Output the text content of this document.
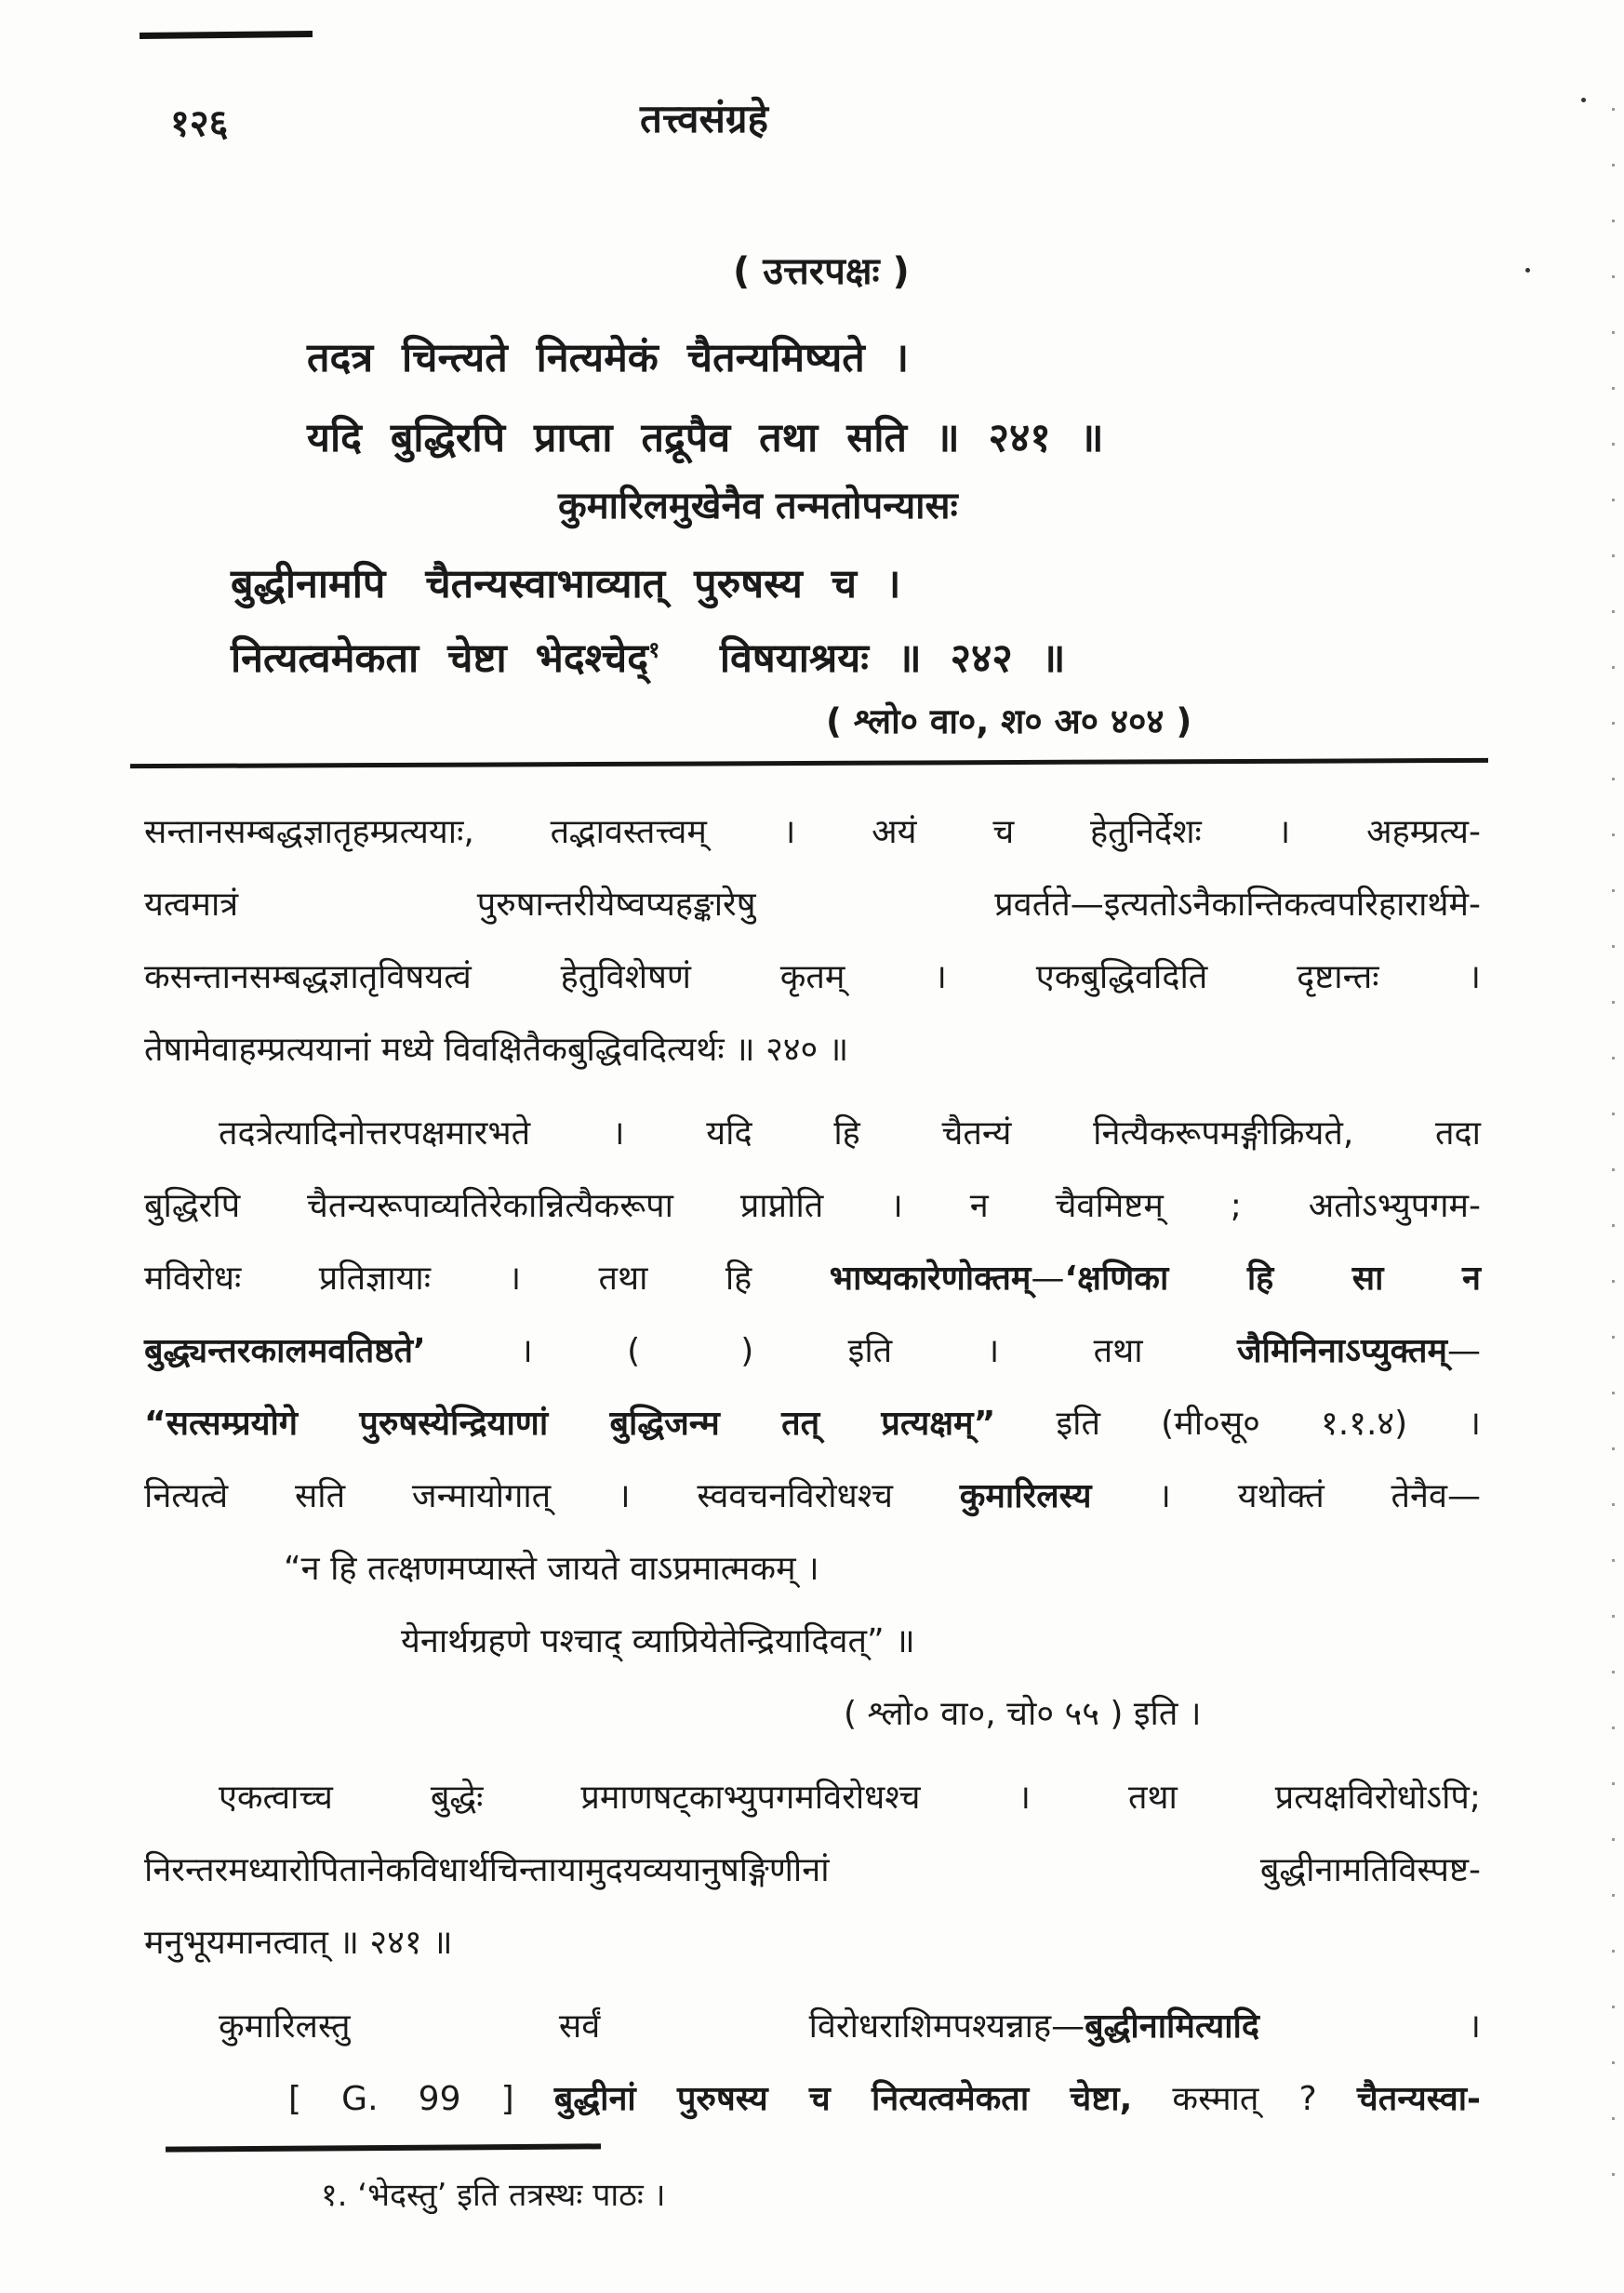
१२६	तत्त्वसंग्रहे
( उत्तरपक्षः )
तदत्र चिन्त्यते नित्यमेकं चैतन्यमिष्यते ।
यदि बुद्धिरपि प्राप्ता तद्रूपैव तथा सति ॥ २४१ ॥
कुमारिलमुखेनैव तन्मतोपन्यासः
बुद्धीनामपि चैतन्यस्वाभाव्यात् पुरुषस्य च ।
नित्यत्वमेकता चेष्टा भेदश्चेद्$^१$  विषयाश्रयः ॥ २४२ ॥
( श्लो० वा०, श० अ० ४०४ )
सन्तानसम्बद्धज्ञातृहम्प्रत्ययाः, तद्भावस्तत्त्वम् । अयं च हेतुनिर्देशः । अहम्प्रत्य-
यत्वमात्रं पुरुषान्तरीयेष्वप्यहङ्कारेषु प्रवर्तते—इत्यतोऽनैकान्तिकत्वपरिहारार्थमे-
कसन्तानसम्बद्धज्ञातृविषयत्वं हेतुविशेषणं कृतम् । एकबुद्धिवदिति दृष्टान्तः ।
तेषामेवाहम्प्रत्ययानां मध्ये विवक्षितैकबुद्धिवदित्यर्थः ॥ २४० ॥
तदत्रेत्यादिनोत्तरपक्षमारभते । यदि हि चैतन्यं नित्यैकरूपमङ्गीक्रियते, तदा
बुद्धिरपि चैतन्यरूपाव्यतिरेकान्नित्यैकरूपा प्राप्नोति । न चैवमिष्टम् ; अतोऽभ्युपगम-
मविरोधः प्रतिज्ञायाः । तथा हि भाष्यकारेणोक्तम्—‘क्षणिका हि सा न
बुद्ध्यन्तरकालमवतिष्ठते’ । (   ) इति । तथा जैमिनिनाऽप्युक्तम्—
“सत्सम्प्रयोगे पुरुषस्येन्द्रियाणां बुद्धिजन्म तत् प्रत्यक्षम्” इति (मी०सू० १.१.४) ।
नित्यत्वे सति जन्मायोगात् । स्ववचनविरोधश्च कुमारिलस्य । यथोक्तं तेनैव—
“न हि तत्क्षणमप्यास्ते जायते वाऽप्रमात्मकम् ।
येनार्थग्रहणे पश्चाद् व्याप्रियेतेन्द्रियादिवत्” ॥
( श्लो० वा०, चो० ५५ ) इति ।
एकत्वाच्च बुद्धेः प्रमाणषट्काभ्युपगमविरोधश्च । तथा प्रत्यक्षविरोधोऽपि;
निरन्तरमध्यारोपितानेकविधार्थचिन्तायामुदयव्ययानुषङ्गिणीनां बुद्धीनामतिविस्पष्ट-
मनुभूयमानत्वात् ॥ २४१ ॥
कुमारिलस्तु सर्वं विरोधराशिमपश्यन्नाह—बुद्धीनामित्यादि ।
[ G. 99 ] बुद्धीनां पुरुषस्य च नित्यत्वमेकता चेष्टा, कस्मात् ? चैतन्यस्वा-
१. ‘भेदस्तु’ इति तत्रस्थः पाठः ।
